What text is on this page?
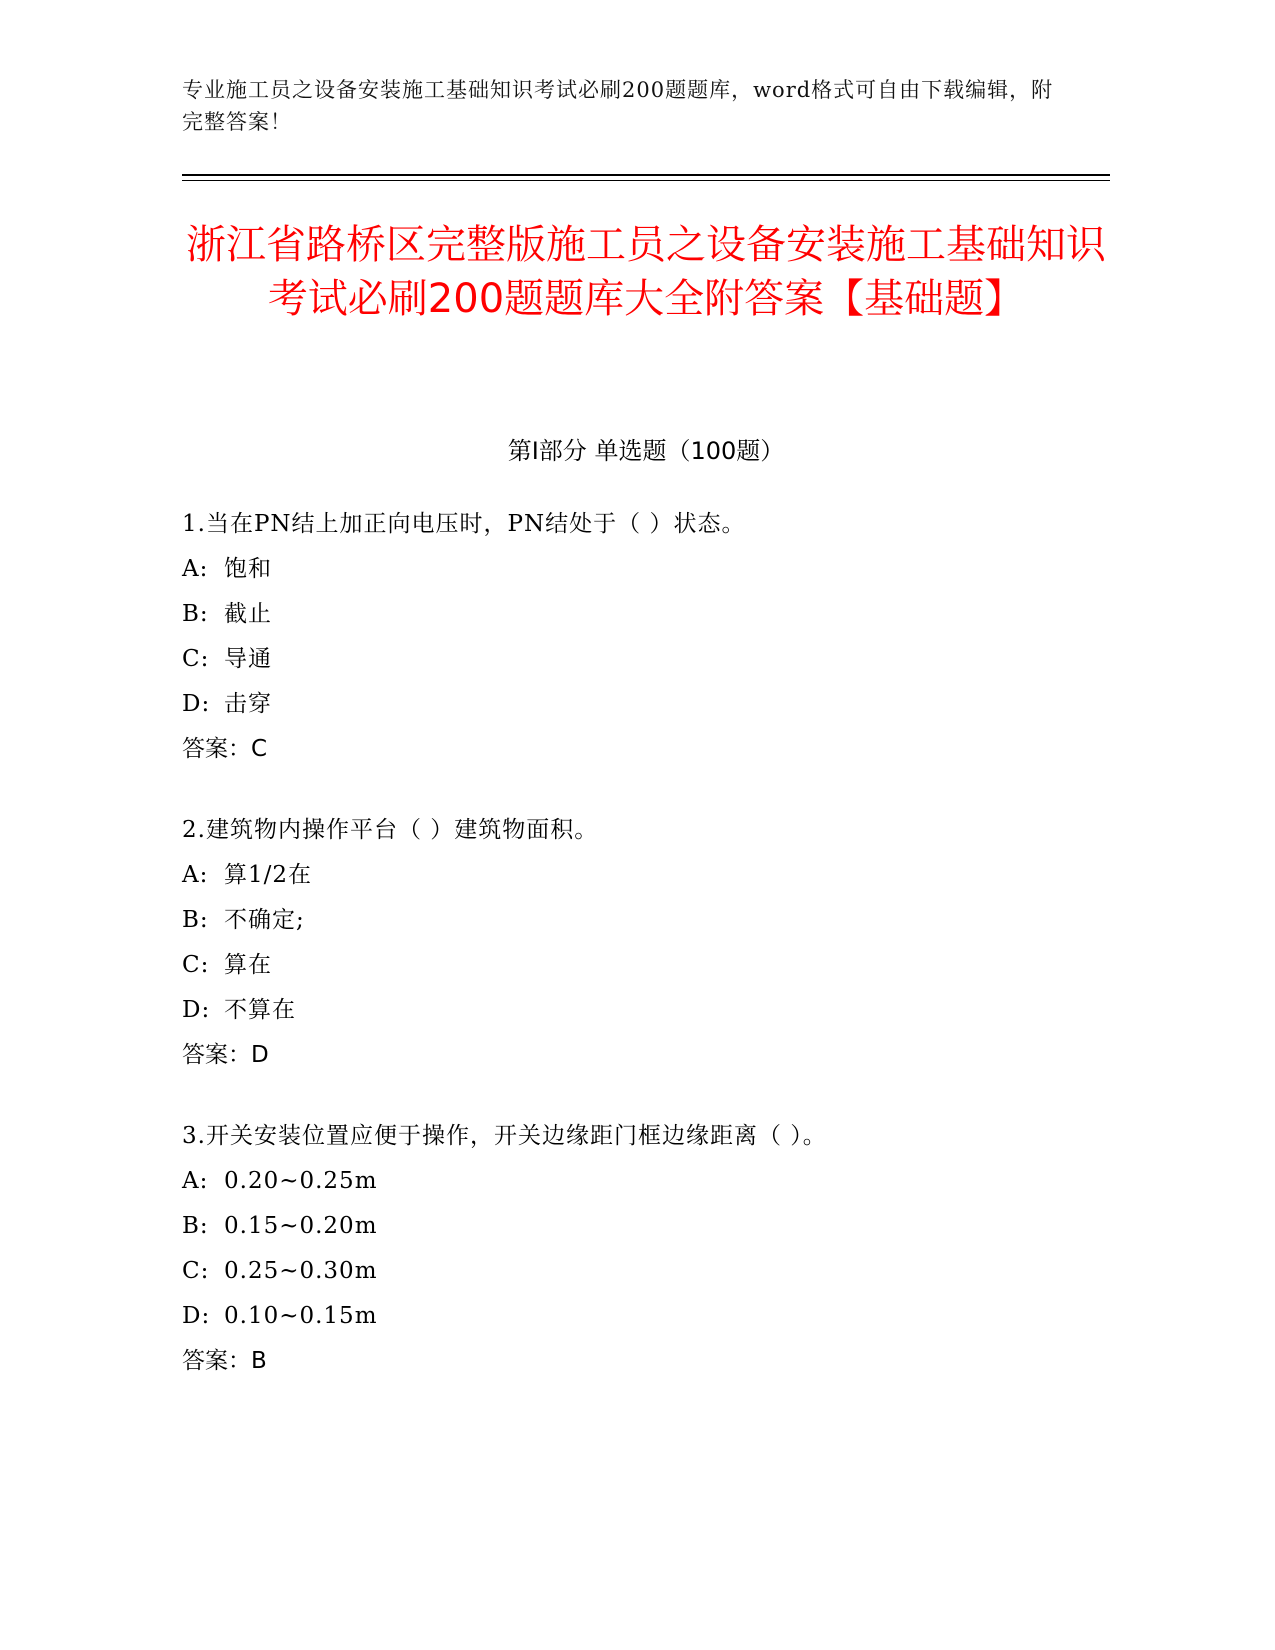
专业施工员之设备安装施工基础知识考试必刷200题题库，word格式可自由下载编辑，附完整答案！
浙江省路桥区完整版施工员之设备安装施工基础知识考试必刷200题题库大全附答案【基础题】
第I部分 单选题（100题）
1.当在PN结上加正向电压时，PN结处于（ ）状态。
A: 饱和
B: 截止
C: 导通
D: 击穿
答案：C
2.建筑物内操作平台（ ）建筑物面积。
A: 算1/2在
B: 不确定;
C: 算在
D: 不算在
答案：D
3.开关安装位置应便于操作，开关边缘距门框边缘距离（ ）。
A: 0.20~0.25m
B: 0.15~0.20m
C: 0.25~0.30m
D: 0.10~0.15m
答案：B
